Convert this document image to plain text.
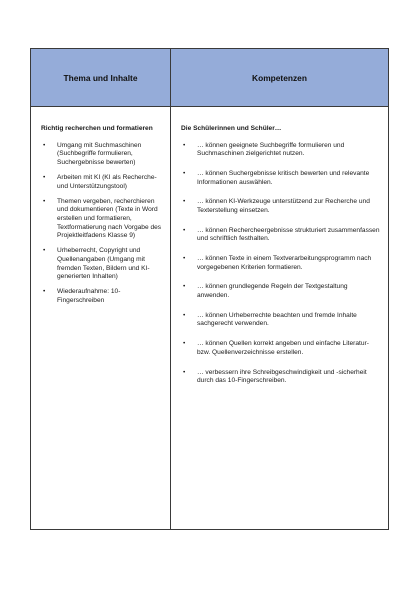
Thema und Inhalte	Kompetenzen
Richtig recherchen und formatieren
• Umgang mit Suchmaschinen (Suchbegriffe formulieren, Suchergebnisse bewerten)
• Arbeiten mit KI (KI als Recherche- und Unterstützungstool)
• Themen vergeben, recherchieren und dokumentieren (Texte in Word erstellen und formatieren, Textformatierung nach Vorgabe des Projektleitfadens Klasse 9)
• Urheberrecht, Copyright und Quellenangaben (Umgang mit fremden Texten, Bildern und KI-generierten Inhalten)
• Wiederaufnahme: 10-Fingerschreiben
Die Schülerinnen und Schüler…
• … können geeignete Suchbegriffe formulieren und Suchmaschinen zielgerichtet nutzen.
• … können Suchergebnisse kritisch bewerten und relevante Informationen auswählen.
• … können KI-Werkzeuge unterstützend zur Recherche und Texterstellung einsetzen.
• … können Rechercheergebnisse strukturiert zusammenfassen und schriftlich festhalten.
• … können Texte in einem Textverarbeitungsprogramm nach vorgegebenen Kriterien formatieren.
• … können grundlegende Regeln der Textgestaltung anwenden.
• … können Urheberrechte beachten und fremde Inhalte sachgerecht verwenden.
• … können Quellen korrekt angeben und einfache Literatur- bzw. Quellenverzeichnisse erstellen.
• … verbessern ihre Schreibgeschwindigkeit und -sicherheit durch das 10-Fingerschreiben.
